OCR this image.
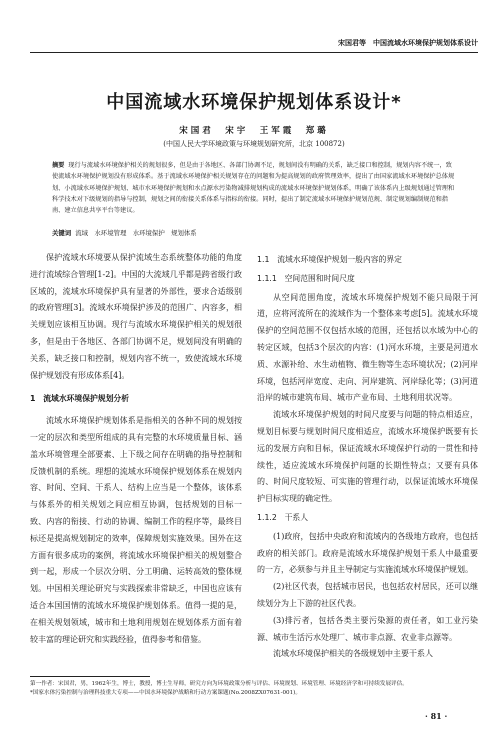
宋国君等　中国流域水环境保护规划体系设计
中国流域水环境保护规划体系设计*
宋国君　宋宇　王军霞　郑璐
(中国人民大学环境政策与环境规划研究所，北京 100872)
摘要 现行与流域水环境保护相关的规划很多，但是由于各地区、各部门协调不足，规划间没有明确的关系，缺乏接口和控制，规划内容不统一，致使流域水环境保护规划没有形成体系。基于流域水环境保护相关规划存在的问题和为提高规划的政府管理效率，提出了由国家流域水环境保护总体规划、小流域水环境保护规划、城市水环境保护规划和水点源水污染物减排规划构成的流域水环境保护规划体系，明确了该体系内上级规划通过管理和科学技术对下级规划的指导与控制，规划之间的衔接关系体系与指标的衔接。同时，提出了制定流域水环境保护规划范规、制定规划编制规范和指南、建立信息共享平台等建议。
关键词 流域　水环境管理　水环境保护　规划体系

保护流域水环境要从保护流域生态系统整体功能的角度进行流域综合管理[1-2]。中国的大流域几乎都是跨省级行政区域的，流域水环境保护具有显著的外部性，要求合适级别的政府管理[3]。流域水环境保护涉及的范围广、内容多，相关规划应该相互协调。现行与流域水环境保护相关的规划很多，但是由于各地区、各部门协调不足，规划间没有明确的关系，缺乏接口和控制，规划内容不统一，致使流域水环境保护规划没有形成体系[4]。

1　流域水环境保护规划分析

流域水环境保护规划体系是指相关的各种不同的规划按一定的层次和类型所组成的具有完整的水环境质量目标、涵盖水环境管理全部要素、上下级之间存在明确的指导控制和反馈机制的系统。理想的流域水环境保护规划体系在规划内容、时间、空间、干系人、结构上应当是一个整体，该体系与体系外的相关规划之间应相互协调，包括规划的目标一致、内容的衔接、行动的协调、编制工作的程序等，最终目标还是提高规划制定的效率，保障规划实施效果。国外在这方面有很多成功的案例，将流域水环境保护相关的规划整合到一起，形成一个层次分明、分工明确、运转高效的整体规划。中国相关理论研究与实践探索非常缺乏，中国也应该有适合本国国情的流域水环境保护规划体系。值得一提的是，在相关规划领域，城市和土地利用规划在规划体系方面有着较丰富的理论研究和实践经验，值得参考和借鉴。

1.1　流域水环境保护规划一般内容的界定
1.1.1　空间范围和时间尺度

从空间范围角度，流域水环境保护规划不能只局限于河道，应将河流所在的流域作为一个整体来考虑[5]。流域水环境保护的空间范围不仅包括水域的范围，还包括以水域为中心的转定区域，包括3个层次的内容：(1)河水环境，主要是河道水质、水源补给、水生动植物、微生物等生态环境状况；(2)河岸环境，包括河岸宽度、走向、河岸建筑、河岸绿化等；(3)河道沿岸的城市建筑布局、城市产业布局、土地利用状况等。

流域水环境保护规划的时间尺度要与问题的特点相适应，规划目标要与规划时间尺度相适应，流域水环境保护既要有长远的发展方向和目标，保证流域水环境保护行动的一贯性和持续性，适应流域水环境保护问题的长期性特点；又要有具体的、时间尺度较短、可实施的管理行动，以保证流域水环境保护目标实现的确定性。

1.1.2　干系人

(1)政府，包括中央政府和流域内的各级地方政府，也包括政府的相关部门。政府是流域水环境保护规划干系人中最重要的一方，必须参与并且主导制定与实施流域水环境保护规划。

(2)社区代表，包括城市居民，也包括农村居民，还可以继续划分为上下游的社区代表。

(3)排污者，包括各类主要污染源的责任者，如工业污染源、城市生活污水处理厂、城市非点源、农业非点源等。

流域水环境保护相关的各级规划中主要干系人

第一作者：宋国君，男，1962年生，博士，教授，博士生导师，研究方向为环境政策分析与评估、环境规划、环境管理、环境经济学和可持续发展评估。
*国家水体污染控制与治理科技重大专项——中国水环境保护战略和行动方案课题(No.2008ZX07631-001)。
· 81 ·
